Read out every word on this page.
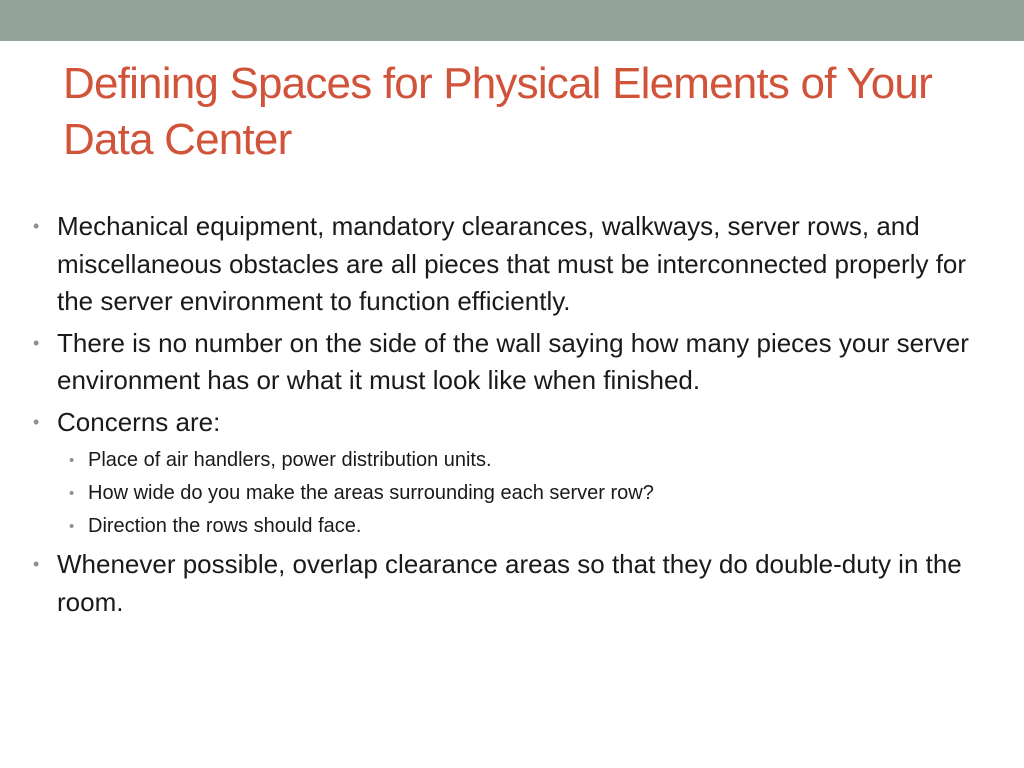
Defining Spaces for Physical Elements of Your Data Center
• Mechanical equipment, mandatory clearances, walkways, server rows, and miscellaneous obstacles are all pieces that must be interconnected properly for the server environment to function efficiently.
• There is no number on the side of the wall saying how many pieces your server environment has or what it must look like when finished.
• Concerns are:
• Place of air handlers, power distribution units.
• How wide do you make the areas surrounding each server row?
• Direction the rows should face.
• Whenever possible, overlap clearance areas so that they do double-duty in the room.
